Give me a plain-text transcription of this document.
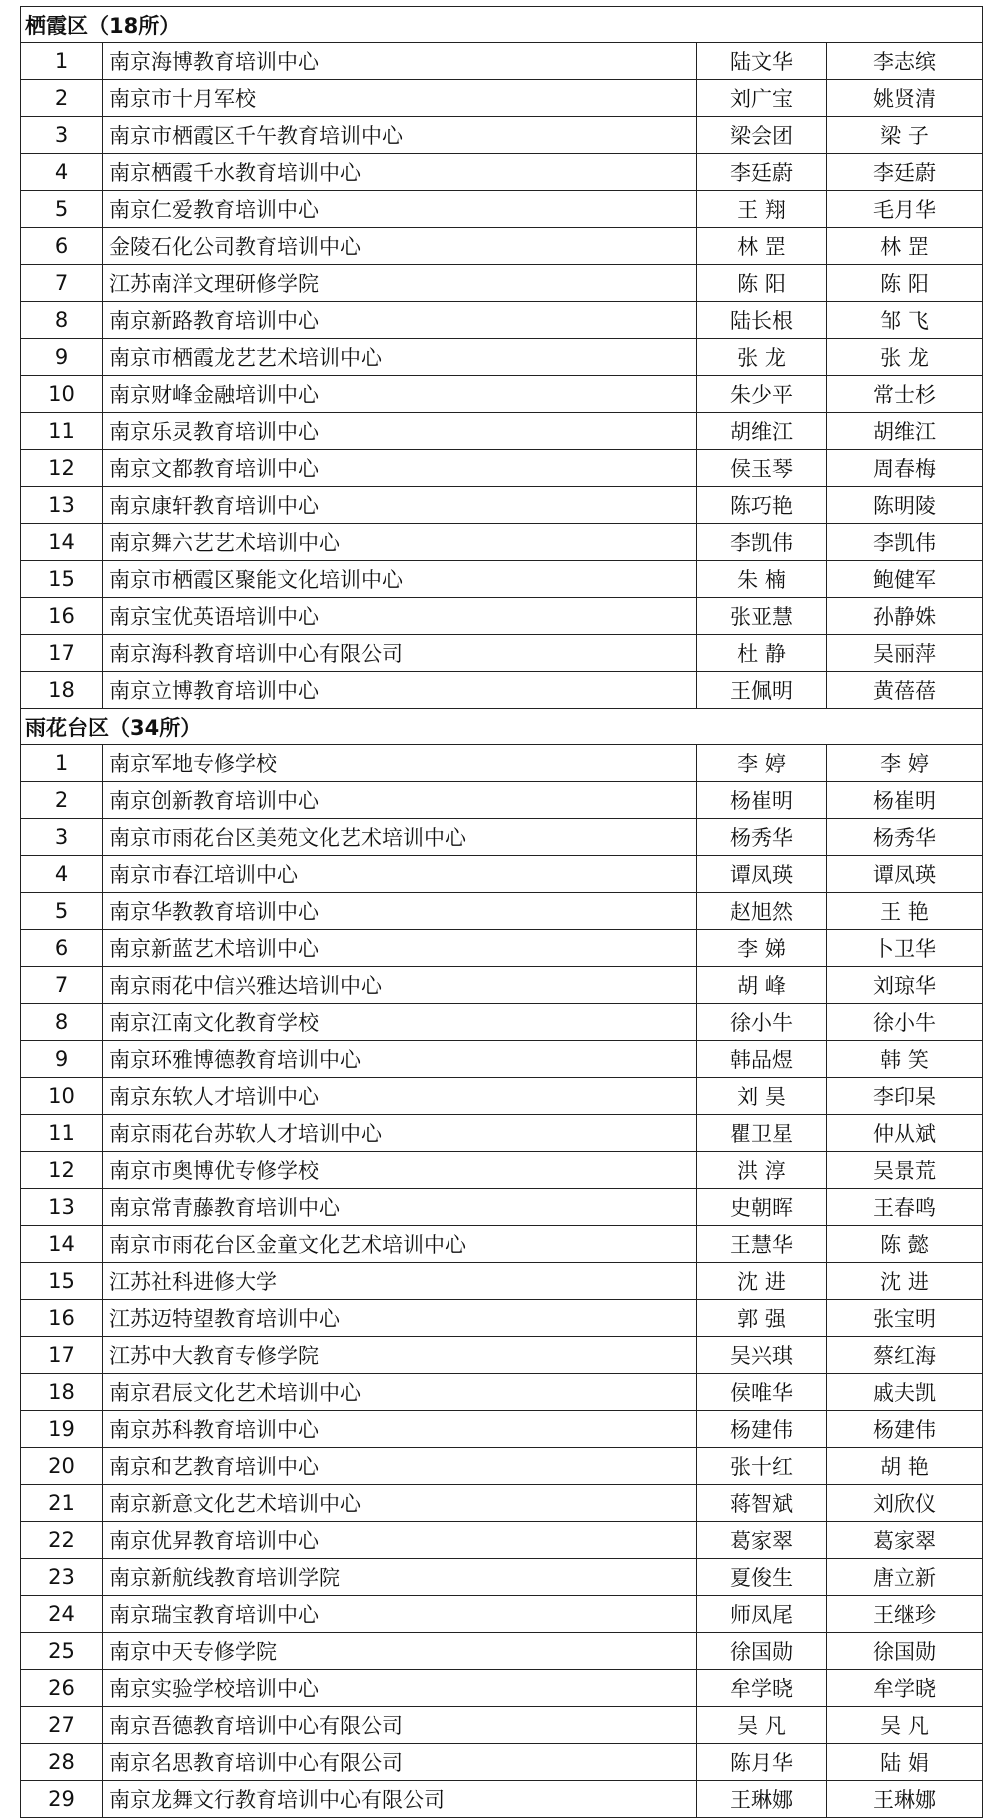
栖霞区（18所）			
1	南京海博教育培训中心	陆文华	李志缤
2	南京市十月军校	刘广宝	姚贤清
3	南京市栖霞区千午教育培训中心	梁会团	梁 子
4	南京栖霞千水教育培训中心	李廷蔚	李廷蔚
5	南京仁爱教育培训中心	王 翔	毛月华
6	金陵石化公司教育培训中心	林 罡	林 罡
7	江苏南洋文理研修学院	陈 阳	陈 阳
8	南京新路教育培训中心	陆长根	邹 飞
9	南京市栖霞龙艺艺术培训中心	张 龙	张 龙
10	南京财峰金融培训中心	朱少平	常士杉
11	南京乐灵教育培训中心	胡维江	胡维江
12	南京文都教育培训中心	侯玉琴	周春梅
13	南京康轩教育培训中心	陈巧艳	陈明陵
14	南京舞六艺艺术培训中心	李凯伟	李凯伟
15	南京市栖霞区聚能文化培训中心	朱 楠	鲍健军
16	南京宝优英语培训中心	张亚慧	孙静姝
17	南京海科教育培训中心有限公司	杜 静	吴丽萍
18	南京立博教育培训中心	王佩明	黄蓓蓓
雨花台区（34所）			
1	南京军地专修学校	李 婷	李 婷
2	南京创新教育培训中心	杨崔明	杨崔明
3	南京市雨花台区美苑文化艺术培训中心	杨秀华	杨秀华
4	南京市春江培训中心	谭凤瑛	谭凤瑛
5	南京华教教育培训中心	赵旭然	王 艳
6	南京新蓝艺术培训中心	李 娣	卜卫华
7	南京雨花中信兴雅达培训中心	胡 峰	刘琼华
8	南京江南文化教育学校	徐小牛	徐小牛
9	南京环雅博德教育培训中心	韩品煜	韩 笑
10	南京东软人才培训中心	刘 昊	李印杲
11	南京雨花台苏软人才培训中心	瞿卫星	仲从斌
12	南京市奥博优专修学校	洪 淳	吴景荒
13	南京常青藤教育培训中心	史朝晖	王春鸣
14	南京市雨花台区金童文化艺术培训中心	王慧华	陈 懿
15	江苏社科进修大学	沈 进	沈 进
16	江苏迈特望教育培训中心	郭 强	张宝明
17	江苏中大教育专修学院	吴兴琪	蔡红海
18	南京君辰文化艺术培训中心	侯唯华	戚夫凯
19	南京苏科教育培训中心	杨建伟	杨建伟
20	南京和艺教育培训中心	张十红	胡 艳
21	南京新意文化艺术培训中心	蒋智斌	刘欣仪
22	南京优昇教育培训中心	葛家翠	葛家翠
23	南京新航线教育培训学院	夏俊生	唐立新
24	南京瑞宝教育培训中心	师凤尾	王继珍
25	南京中天专修学院	徐国勋	徐国勋
26	南京实验学校培训中心	牟学晓	牟学晓
27	南京吾德教育培训中心有限公司	吴 凡	吴 凡
28	南京名思教育培训中心有限公司	陈月华	陆 娟
29	南京龙舞文行教育培训中心有限公司	王琳娜	王琳娜
